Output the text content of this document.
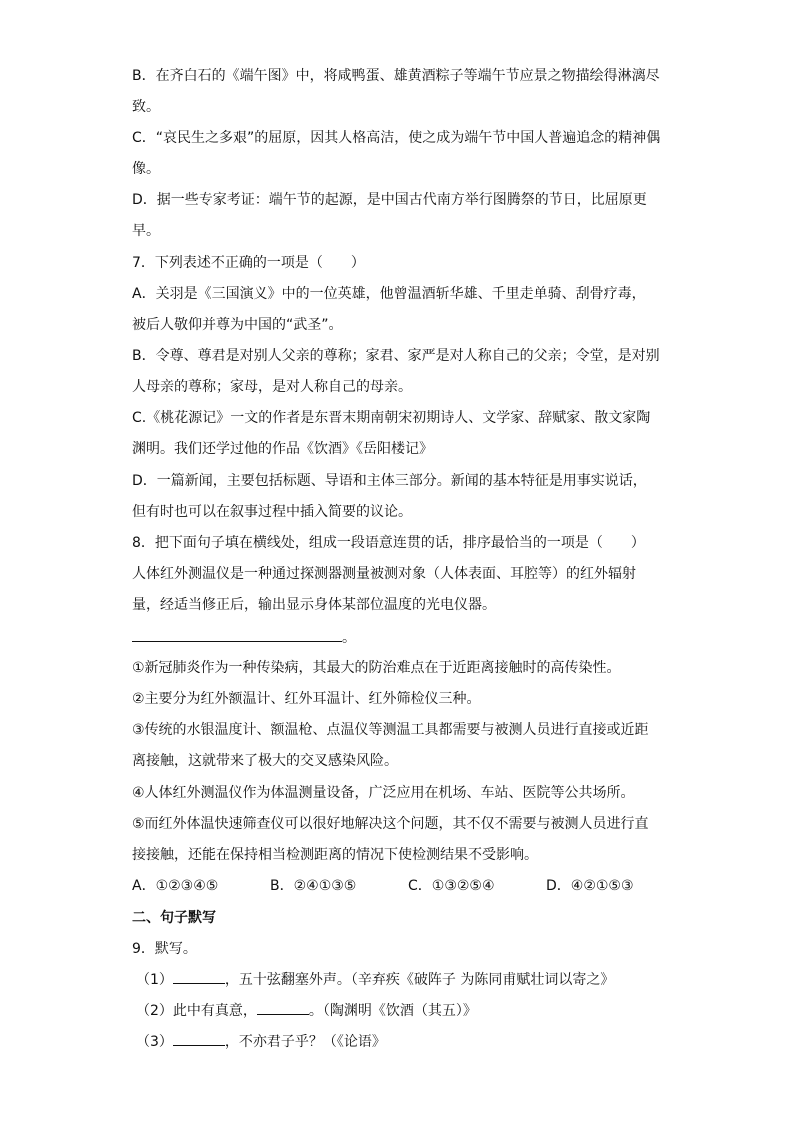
B．在齐白石的《端午图》中，将咸鸭蛋、雄黄酒粽子等端午节应景之物描绘得淋漓尽
致。
C．“哀民生之多艰”的屈原，因其人格高洁，使之成为端午节中国人普遍追念的精神偶
像。
D．据一些专家考证：端午节的起源，是中国古代南方举行图腾祭的节日，比屈原更
早。
7．下列表述不正确的一项是（　　）
A．关羽是《三国演义》中的一位英雄，他曾温酒斩华雄、千里走单骑、刮骨疗毒，
被后人敬仰并尊为中国的“武圣”。
B．令尊、尊君是对别人父亲的尊称；家君、家严是对人称自己的父亲；令堂，是对别
人母亲的尊称；家母，是对人称自己的母亲。
C.《桃花源记》一文的作者是东晋末期南朝宋初期诗人、文学家、辞赋家、散文家陶
渊明。我们还学过他的作品《饮酒》《岳阳楼记》
D．一篇新闻，主要包括标题、导语和主体三部分。新闻的基本特征是用事实说话，
但有时也可以在叙事过程中插入简要的议论。
8．把下面句子填在横线处，组成一段语意连贯的话，排序最恰当的一项是（　　）
人体红外测温仪是一种通过探测器测量被测对象（人体表面、耳腔等）的红外辐射
量，经适当修正后，输出显示身体某部位温度的光电仪器。
。
①新冠肺炎作为一种传染病，其最大的防治难点在于近距离接触时的高传染性。
②主要分为红外额温计、红外耳温计、红外筛检仪三种。
③传统的水银温度计、额温枪、点温仪等测温工具都需要与被测人员进行直接或近距
离接触，这就带来了极大的交叉感染风险。
④人体红外测温仪作为体温测量设备，广泛应用在机场、车站、医院等公共场所。
⑤而红外体温快速筛查仪可以很好地解决这个问题，其不仅不需要与被测人员进行直
接接触，还能在保持相当检测距离的情况下使检测结果不受影响。
A．①②③④⑤	B．②④①③⑤	C．①③②⑤④	D．④②①⑤③
二、句子默写
9．默写。
（1）	，五十弦翻塞外声。（辛弃疾《破阵子 为陈同甫赋壮词以寄之》
（2）此中有真意，	。（陶渊明《饮酒（其五）》
（3）	，不亦君子乎？（《论语》
